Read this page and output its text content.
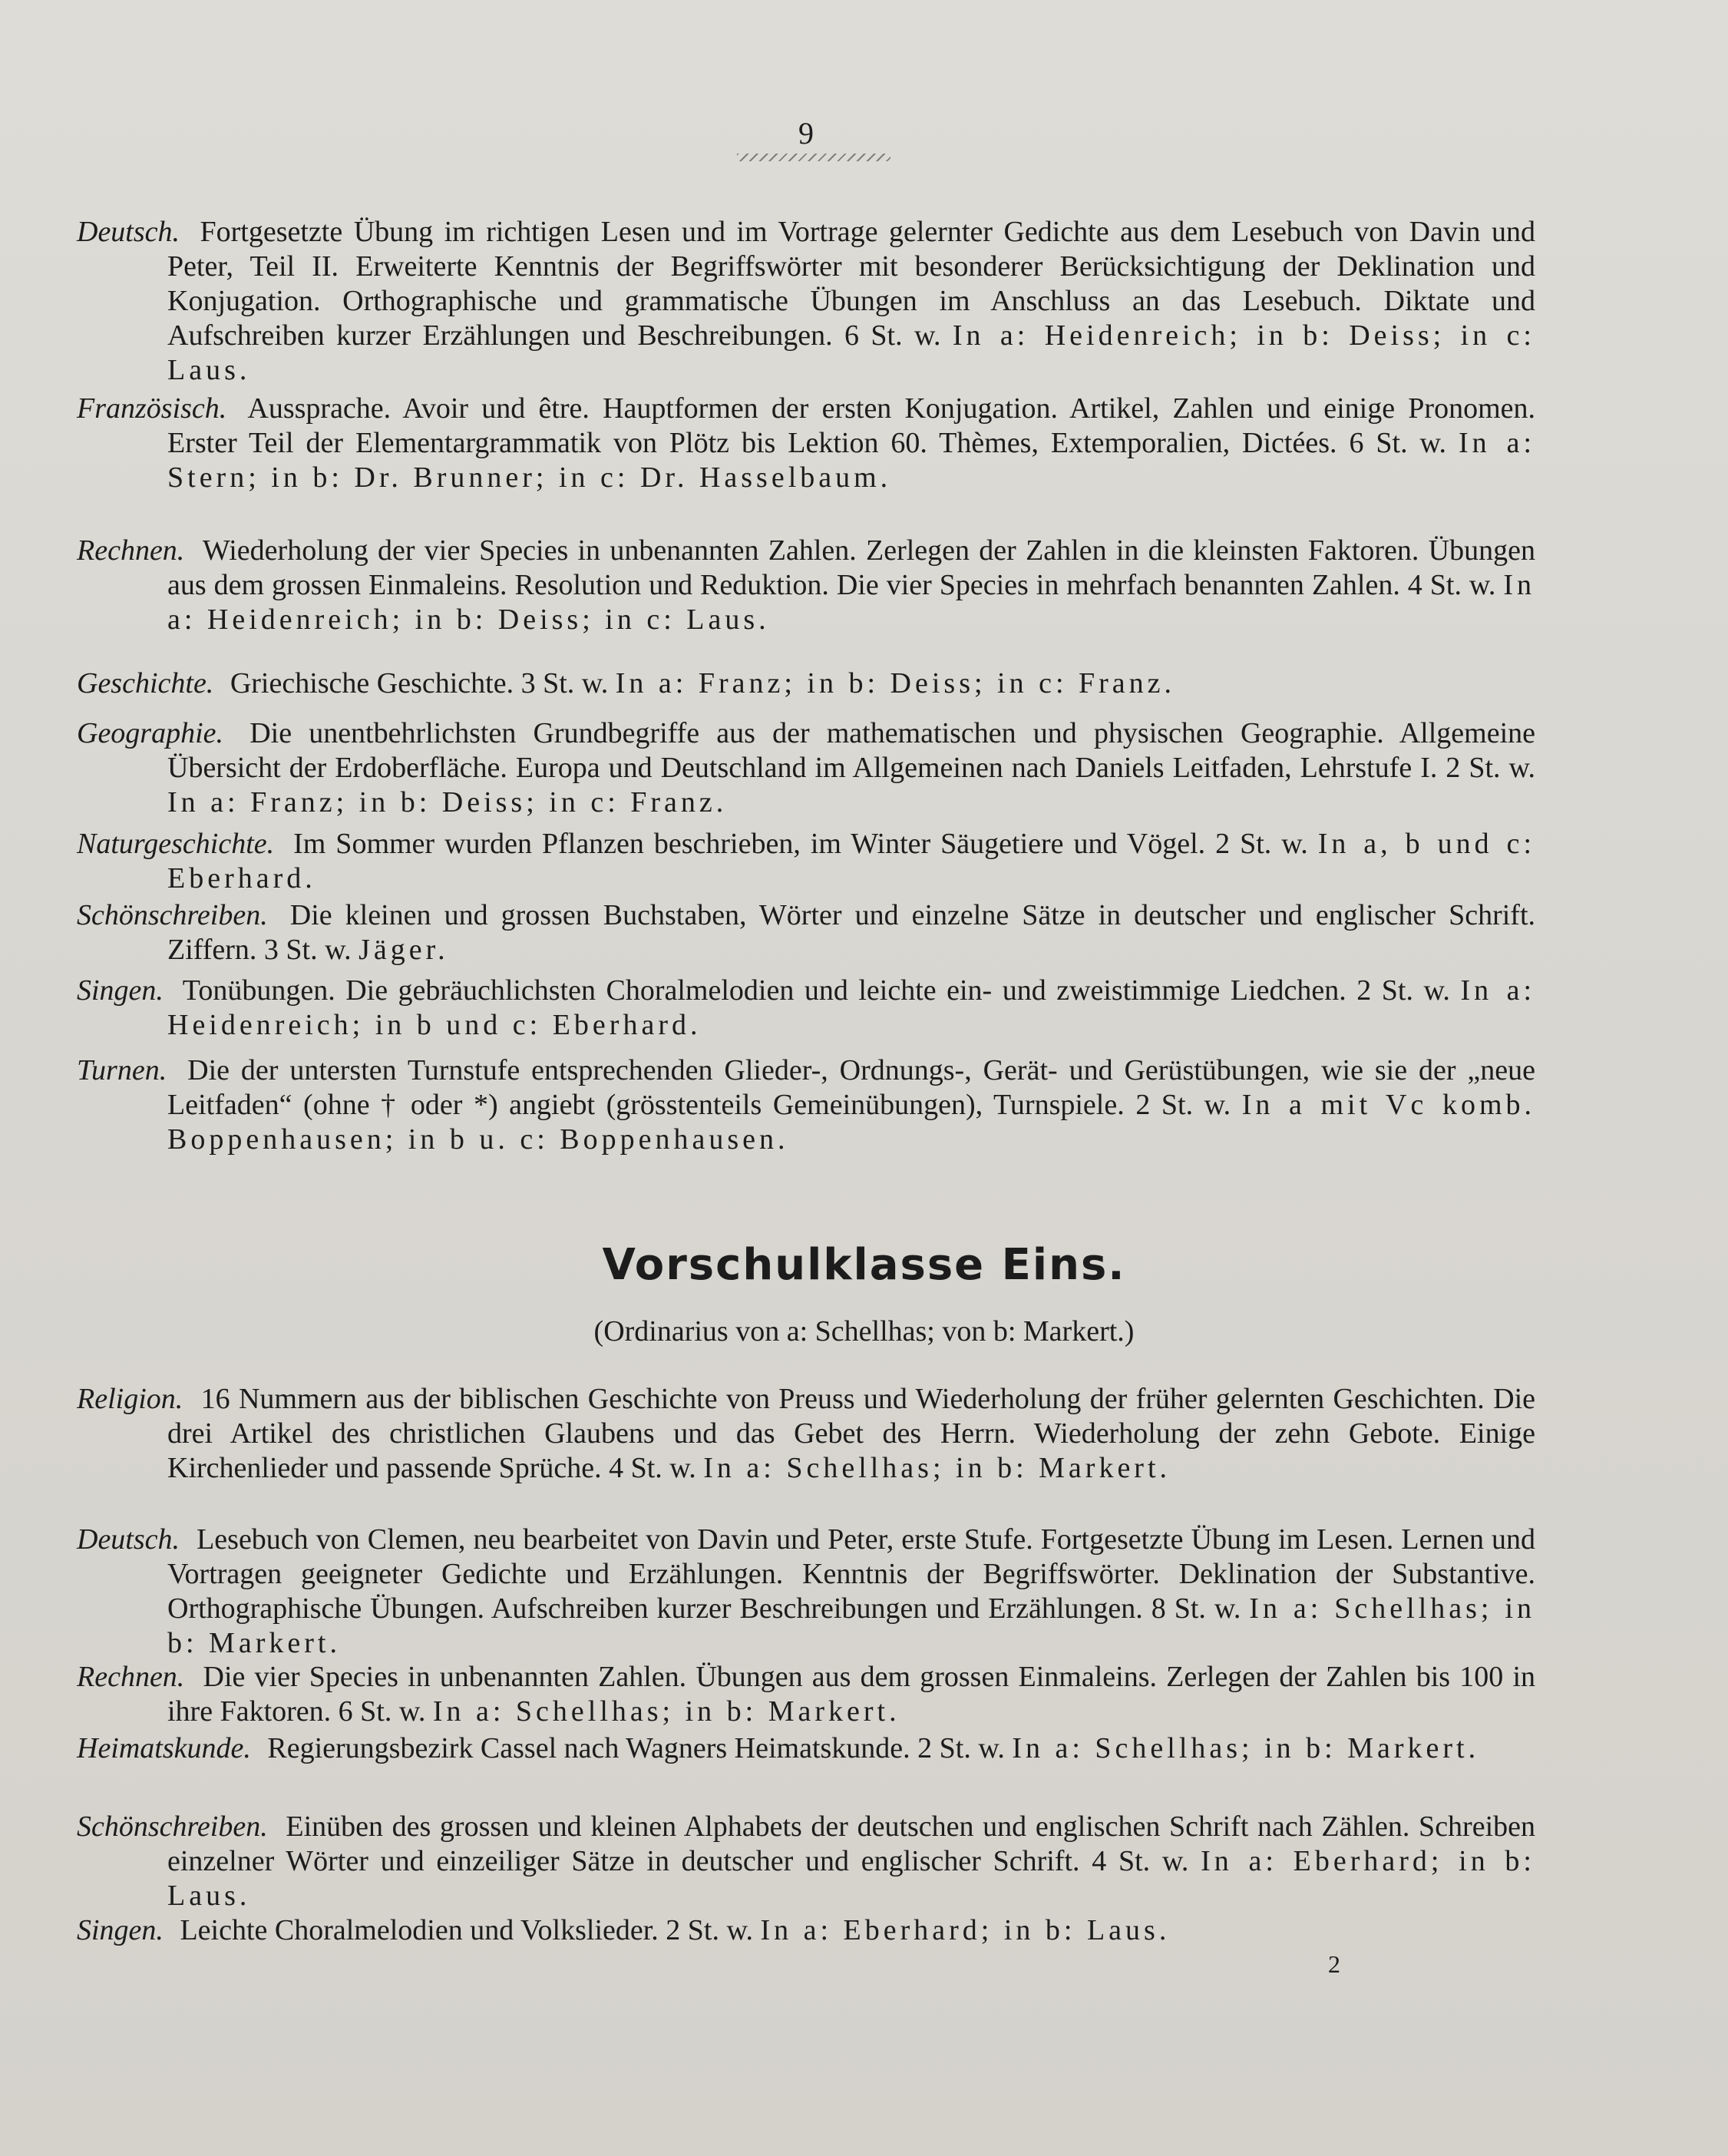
9
Deutsch. Fortgesetzte Übung im richtigen Lesen und im Vortrage gelernter Gedichte aus dem Lesebuch von Davin und Peter, Teil II. Erweiterte Kenntnis der Begriffswörter mit besonderer Berücksichtigung der Deklination und Konjugation. Orthographische und grammatische Übungen im Anschluss an das Lesebuch. Diktate und Aufschreiben kurzer Erzählungen und Beschreibungen. 6 St. w. In a: Heidenreich; in b: Deiss; in c: Laus.
Französisch. Aussprache. Avoir und être. Hauptformen der ersten Konjugation. Artikel, Zahlen und einige Pronomen. Erster Teil der Elementargrammatik von Plötz bis Lektion 60. Thèmes, Extemporalien, Dictées. 6 St. w. In a: Stern; in b: Dr. Brunner; in c: Dr. Hasselbaum.
Rechnen. Wiederholung der vier Species in unbenannten Zahlen. Zerlegen der Zahlen in die kleinsten Faktoren. Übungen aus dem grossen Einmaleins. Resolution und Reduktion. Die vier Species in mehrfach benannten Zahlen. 4 St. w. In a: Heidenreich; in b: Deiss; in c: Laus.
Geschichte. Griechische Geschichte. 3 St. w. In a: Franz; in b: Deiss; in c: Franz.
Geographie. Die unentbehrlichsten Grundbegriffe aus der mathematischen und physischen Geographie. Allgemeine Übersicht der Erdoberfläche. Europa und Deutschland im Allgemeinen nach Daniels Leitfaden, Lehrstufe I. 2 St. w. In a: Franz; in b: Deiss; in c: Franz.
Naturgeschichte. Im Sommer wurden Pflanzen beschrieben, im Winter Säugetiere und Vögel. 2 St. w. In a, b und c: Eberhard.
Schönschreiben. Die kleinen und grossen Buchstaben, Wörter und einzelne Sätze in deutscher und englischer Schrift. Ziffern. 3 St. w. Jäger.
Singen. Tonübungen. Die gebräuchlichsten Choralmelodien und leichte ein- und zweistimmige Liedchen. 2 St. w. In a: Heidenreich; in b und c: Eberhard.
Turnen. Die der untersten Turnstufe entsprechenden Glieder-, Ordnungs-, Gerät- und Gerüstübungen, wie sie der „neue Leitfaden“ (ohne † oder *) angiebt (grösstenteils Gemeinübungen), Turnspiele. 2 St. w. In a mit Vc komb. Boppenhausen; in b u. c: Boppenhausen.
Vorschulklasse Eins.
(Ordinarius von a: Schellhas; von b: Markert.)
Religion. 16 Nummern aus der biblischen Geschichte von Preuss und Wiederholung der früher gelernten Geschichten. Die drei Artikel des christlichen Glaubens und das Gebet des Herrn. Wiederholung der zehn Gebote. Einige Kirchenlieder und passende Sprüche. 4 St. w. In a: Schellhas; in b: Markert.
Deutsch. Lesebuch von Clemen, neu bearbeitet von Davin und Peter, erste Stufe. Fortgesetzte Übung im Lesen. Lernen und Vortragen geeigneter Gedichte und Erzählungen. Kenntnis der Begriffswörter. Deklination der Substantive. Orthographische Übungen. Aufschreiben kurzer Beschreibungen und Erzählungen. 8 St. w. In a: Schellhas; in b: Markert.
Rechnen. Die vier Species in unbenannten Zahlen. Übungen aus dem grossen Einmaleins. Zerlegen der Zahlen bis 100 in ihre Faktoren. 6 St. w. In a: Schellhas; in b: Markert.
Heimatskunde. Regierungsbezirk Cassel nach Wagners Heimatskunde. 2 St. w. In a: Schellhas; in b: Markert.
Schönschreiben. Einüben des grossen und kleinen Alphabets der deutschen und englischen Schrift nach Zählen. Schreiben einzelner Wörter und einzeiliger Sätze in deutscher und englischer Schrift. 4 St. w. In a: Eberhard; in b: Laus.
Singen. Leichte Choralmelodien und Volkslieder. 2 St. w. In a: Eberhard; in b: Laus.
2
